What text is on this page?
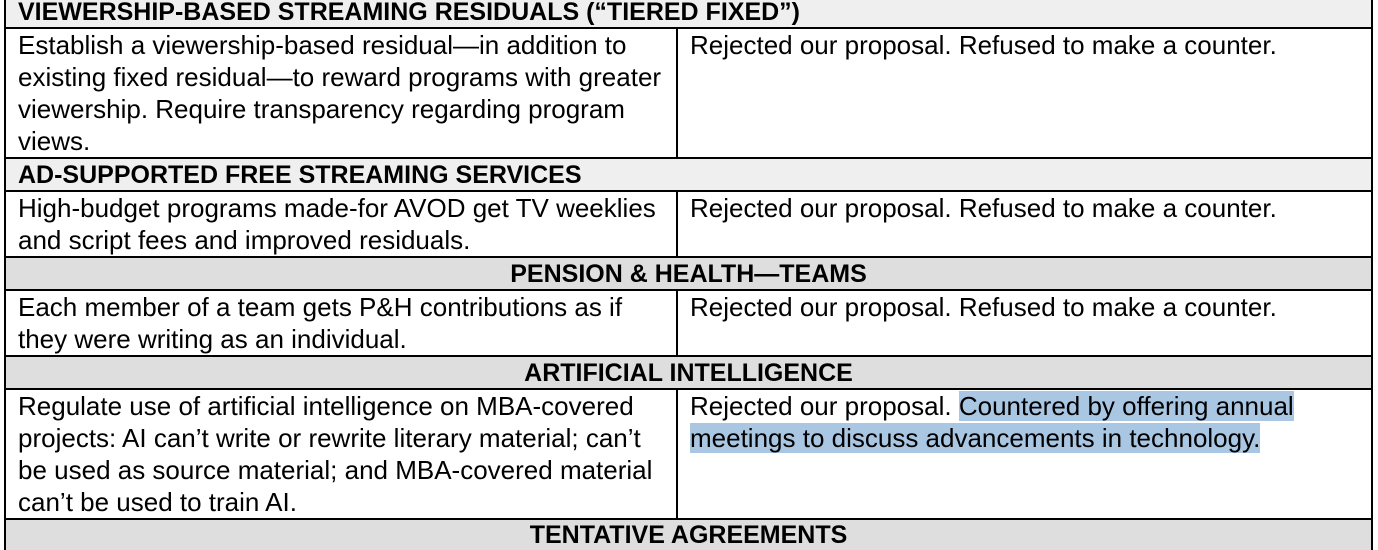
VIEWERSHIP-BASED STREAMING RESIDUALS (“TIERED FIXED”)	
Establish a viewership-based residual—in addition to existing fixed residual—to reward programs with greater viewership. Require transparency regarding program views.	Rejected our proposal. Refused to make a counter.
AD-SUPPORTED FREE STREAMING SERVICES	
High-budget programs made-for AVOD get TV weeklies and script fees and improved residuals.	Rejected our proposal. Refused to make a counter.
PENSION & HEALTH—TEAMS	
Each member of a team gets P&H contributions as if they were writing as an individual.	Rejected our proposal. Refused to make a counter.
ARTIFICIAL INTELLIGENCE	
Regulate use of artificial intelligence on MBA-covered projects: AI can’t write or rewrite literary material; can’t be used as source material; and MBA-covered material can’t be used to train AI.	Rejected our proposal. Countered by offering annual meetings to discuss advancements in technology.

TENTATIVE AGREEMENTS	
